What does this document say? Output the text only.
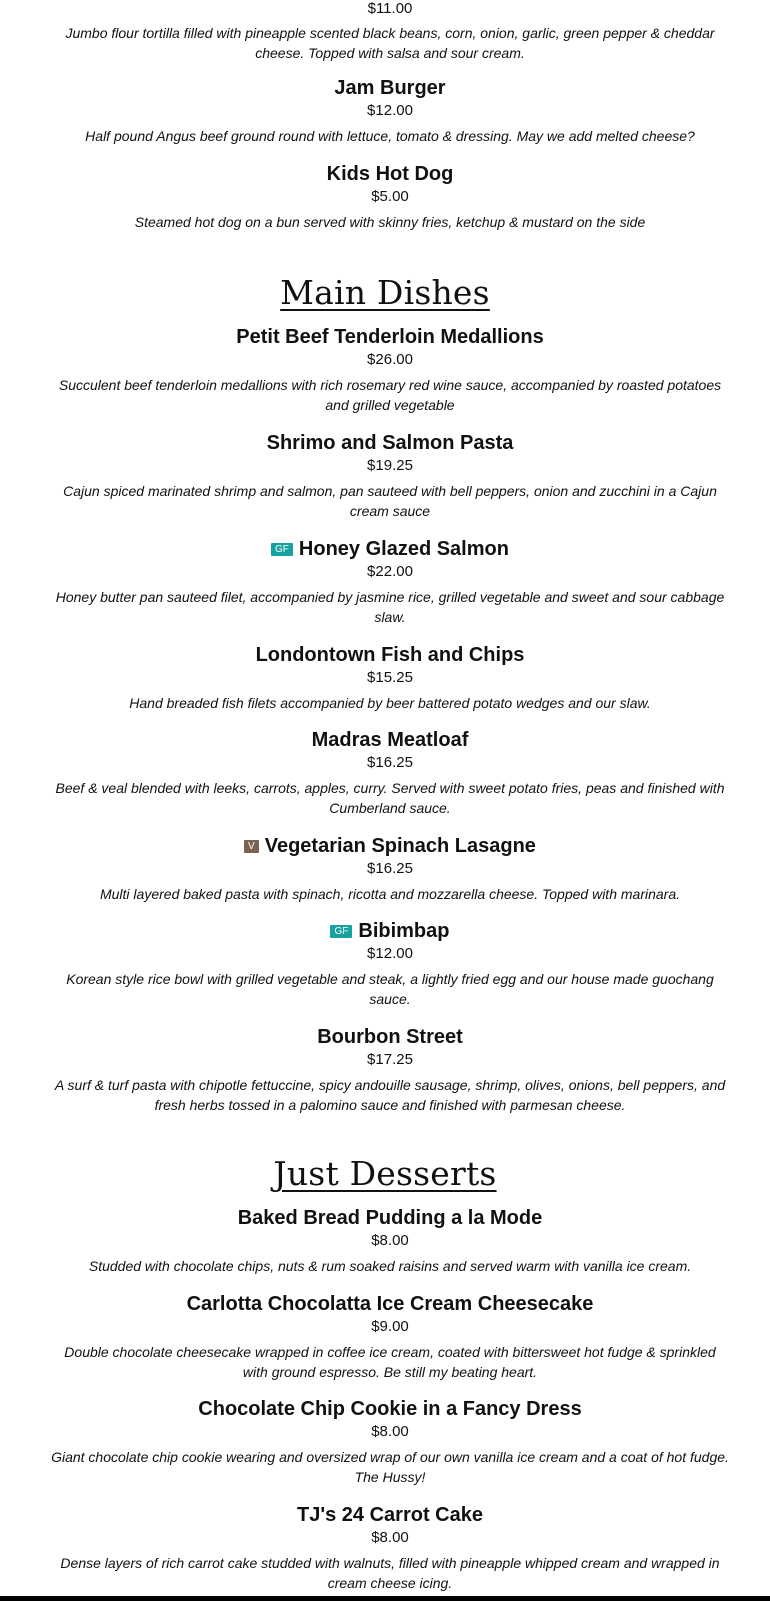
$11.00
Jumbo flour tortilla filled with pineapple scented black beans, corn, onion, garlic, green pepper & cheddar cheese. Topped with salsa and sour cream.
Jam Burger
$12.00
Half pound Angus beef ground round with lettuce, tomato & dressing. May we add melted cheese?
Kids Hot Dog
$5.00
Steamed hot dog on a bun served with skinny fries, ketchup & mustard on the side
Main Dishes
Petit Beef Tenderloin Medallions
$26.00
Succulent beef tenderloin medallions with rich rosemary red wine sauce, accompanied by roasted potatoes and grilled vegetable
Shrimo and Salmon Pasta
$19.25
Cajun spiced marinated shrimp and salmon, pan sauteed with bell peppers, onion and zucchini in a Cajun cream sauce
GF Honey Glazed Salmon
$22.00
Honey butter pan sauteed filet, accompanied by jasmine rice, grilled vegetable and sweet and sour cabbage slaw.
Londontown Fish and Chips
$15.25
Hand breaded fish filets accompanied by beer battered potato wedges and our slaw.
Madras Meatloaf
$16.25
Beef & veal blended with leeks, carrots, apples, curry. Served with sweet potato fries, peas and finished with Cumberland sauce.
V Vegetarian Spinach Lasagne
$16.25
Multi layered baked pasta with spinach, ricotta and mozzarella cheese. Topped with marinara.
GF Bibimbap
$12.00
Korean style rice bowl with grilled vegetable and steak, a lightly fried egg and our house made guochang sauce.
Bourbon Street
$17.25
A surf & turf pasta with chipotle fettuccine, spicy andouille sausage, shrimp, olives, onions, bell peppers, and fresh herbs tossed in a palomino sauce and finished with parmesan cheese.
Just Desserts
Baked Bread Pudding a la Mode
$8.00
Studded with chocolate chips, nuts & rum soaked raisins and served warm with vanilla ice cream.
Carlotta Chocolatta Ice Cream Cheesecake
$9.00
Double chocolate cheesecake wrapped in coffee ice cream, coated with bittersweet hot fudge & sprinkled with ground espresso. Be still my beating heart.
Chocolate Chip Cookie in a Fancy Dress
$8.00
Giant chocolate chip cookie wearing and oversized wrap of our own vanilla ice cream and a coat of hot fudge. The Hussy!
TJ's 24 Carrot Cake
$8.00
Dense layers of rich carrot cake studded with walnuts, filled with pineapple whipped cream and wrapped in cream cheese icing.
